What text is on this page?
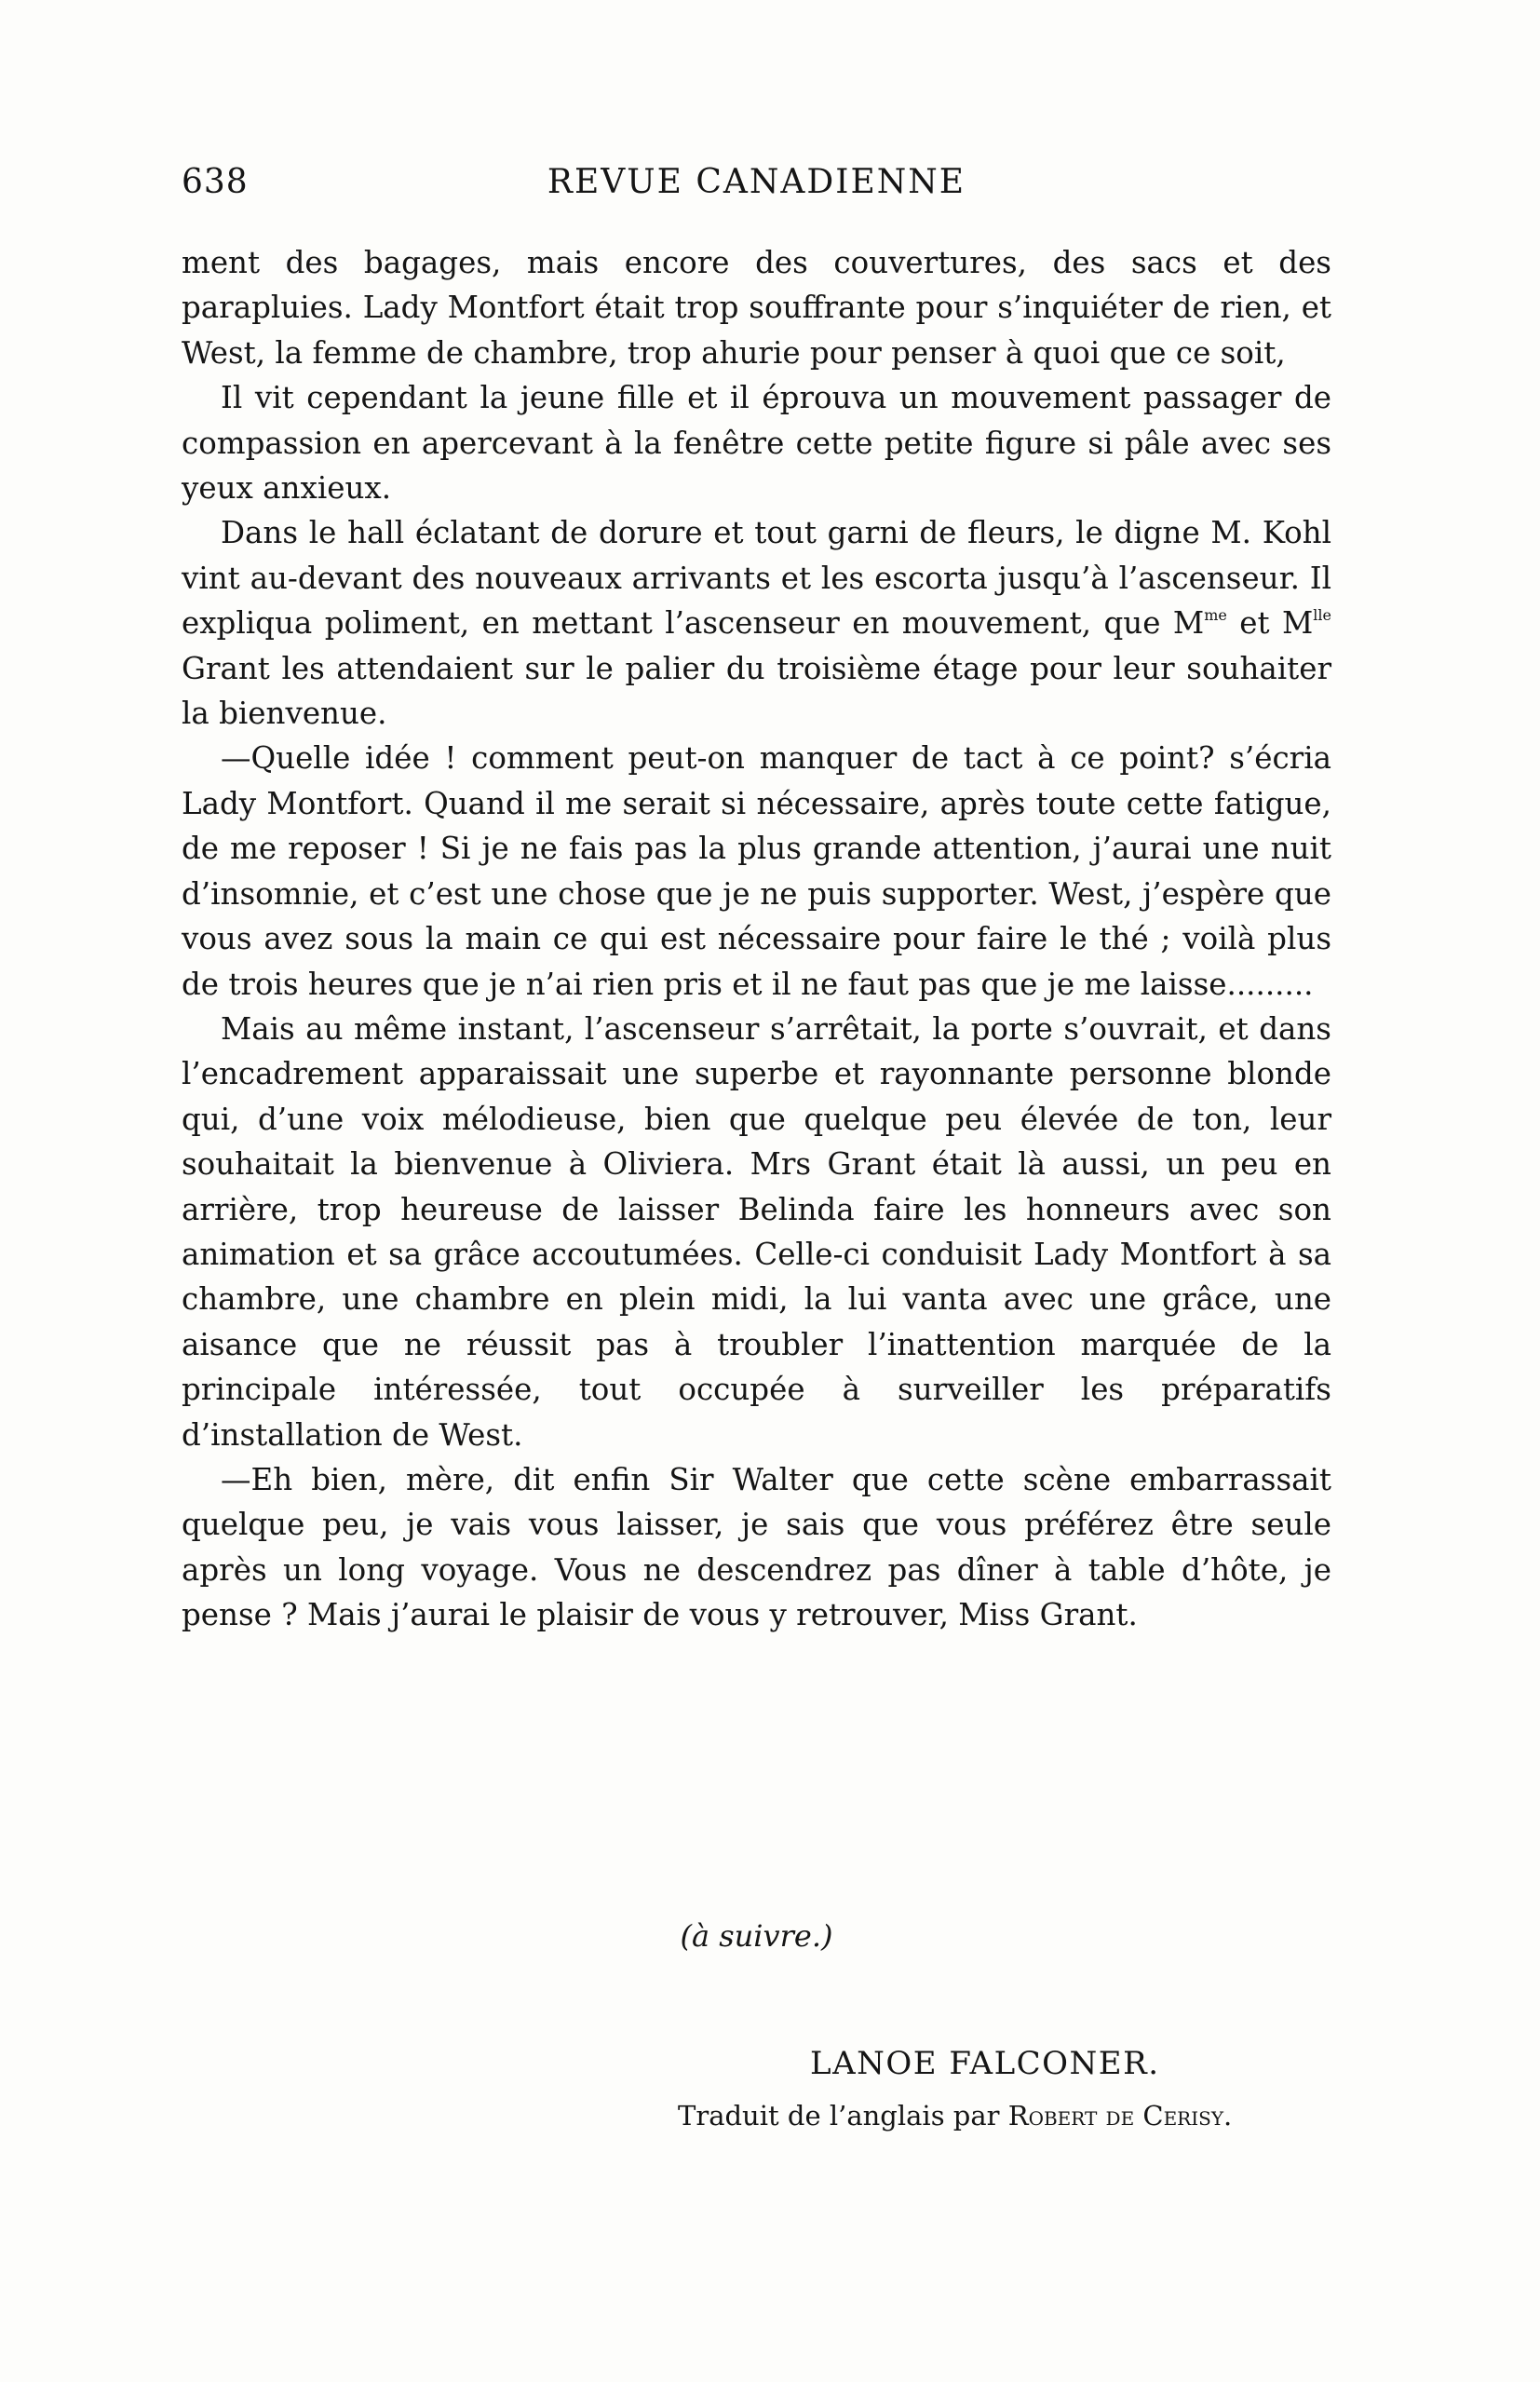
638	REVUE CANADIENNE

ment des bagages, mais encore des couvertures, des sacs et des parapluies. Lady Montfort était trop souffrante pour s’inquiéter de rien, et West, la femme de chambre, trop ahurie pour penser à quoi que ce soit,

Il vit cependant la jeune fille et il éprouva un mouvement passager de compassion en apercevant à la fenêtre cette petite figure si pâle avec ses yeux anxieux.

Dans le hall éclatant de dorure et tout garni de fleurs, le digne M. Kohl vint au-devant des nouveaux arrivants et les escorta jusqu’à l’ascenseur. Il expliqua poliment, en mettant l’ascenseur en mouvement, que $M^{me}$ et $M^{lle}$ Grant les attendaient sur le palier du troisième étage pour leur souhaiter la bienvenue.

—Quelle idée ! comment peut-on manquer de tact à ce point? s’écria Lady Montfort. Quand il me serait si nécessaire, après toute cette fatigue, de me reposer ! Si je ne fais pas la plus grande attention, j’aurai une nuit d’insomnie, et c’est une chose que je ne puis supporter. West, j’espère que vous avez sous la main ce qui est nécessaire pour faire le thé ; voilà plus de trois heures que je n’ai rien pris et il ne faut pas que je me laisse.........

Mais au même instant, l’ascenseur s’arrêtait, la porte s’ouvrait, et dans l’encadrement apparaissait une superbe et rayonnante personne blonde qui, d’une voix mélodieuse, bien que quelque peu élevée de ton, leur souhaitait la bienvenue à Oliviera. Mrs Grant était là aussi, un peu en arrière, trop heureuse de laisser Belinda faire les honneurs avec son animation et sa grâce accoutumées. Celle-ci conduisit Lady Montfort à sa chambre, une chambre en plein midi, la lui vanta avec une grâce, une aisance que ne réussit pas à troubler l’inattention marquée de la principale intéressée, tout occupée à surveiller les préparatifs d’installation de West.

—Eh bien, mère, dit enfin Sir Walter que cette scène embarrassait quelque peu, je vais vous laisser, je sais que vous préférez être seule après un long voyage. Vous ne descendrez pas dîner à table d’hôte, je pense ? Mais j’aurai le plaisir de vous y retrouver, Miss Grant.

(à suivre.)
LANOE FALCONER.
Traduit de l’anglais par Robert de Cerisy.
